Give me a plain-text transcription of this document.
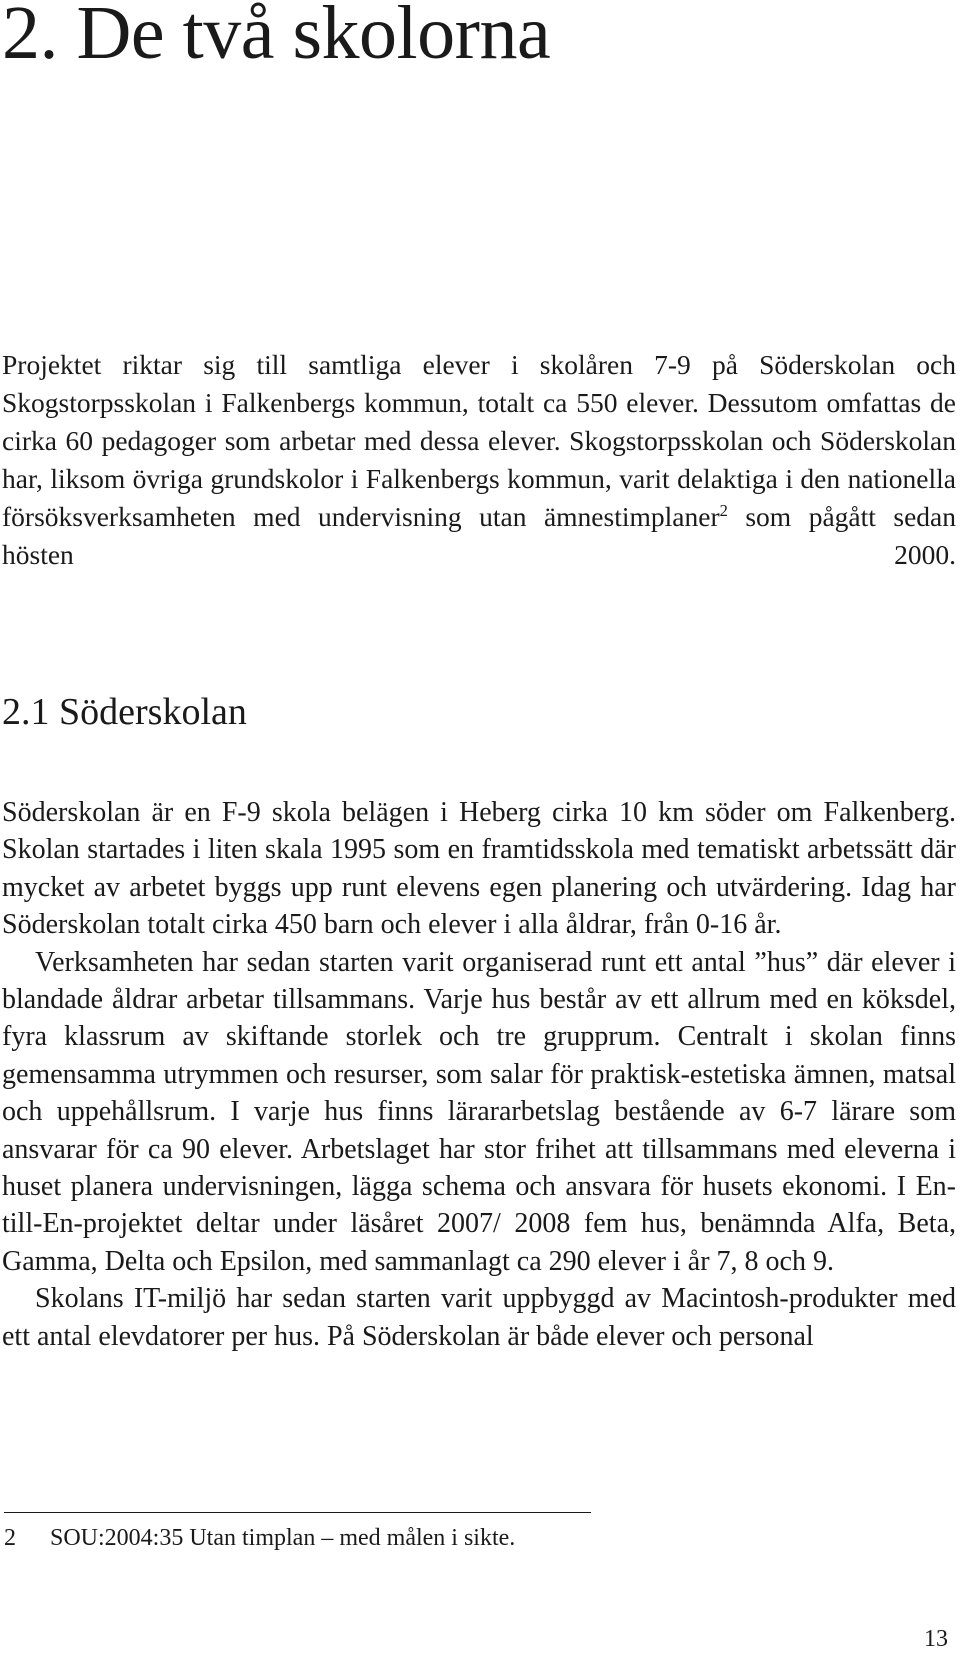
2. De två skolorna

Projektet riktar sig till samtliga elever i skolåren 7-9 på Söderskolan och Skogstorpsskolan i Falkenbergs kommun, totalt ca 550 elever. Dessutom omfattas de cirka 60 pedagoger som arbetar med dessa elever. Skogstorpsskolan och Söderskolan har, liksom övriga grundskolor i Falkenbergs kommun, varit delaktiga i den nationella försöksverksamheten med undervisning utan ämnestimplaner$^2$ som pågått sedan hösten 2000.

2.1 Söderskolan

Söderskolan är en F-9 skola belägen i Heberg cirka 10 km söder om Falkenberg. Skolan startades i liten skala 1995 som en framtidsskola med tematiskt arbetssätt där mycket av arbetet byggs upp runt elevens egen planering och utvärdering. Idag har Söderskolan totalt cirka 450 barn och elever i alla åldrar, från 0-16 år.

Verksamheten har sedan starten varit organiserad runt ett antal ”hus” där elever i blandade åldrar arbetar tillsammans. Varje hus består av ett allrum med en köksdel, fyra klassrum av skiftande storlek och tre grupprum. Centralt i skolan finns gemensamma utrymmen och resurser, som salar för praktisk-estetiska ämnen, matsal och uppehållsrum. I varje hus finns lärararbetslag bestående av 6-7 lärare som ansvarar för ca 90 elever. Arbetslaget har stor frihet att tillsammans med eleverna i huset planera undervisningen, lägga schema och ansvara för husets ekonomi. I En-till-En-projektet deltar under läsåret 2007/ 2008 fem hus, benämnda Alfa, Beta, Gamma, Delta och Epsilon, med sammanlagt ca 290 elever i år 7, 8 och 9.

Skolans IT-miljö har sedan starten varit uppbyggd av Macintosh-produkter med ett antal elevdatorer per hus. På Söderskolan är både elever och personal

2 SOU:2004:35 Utan timplan – med målen i sikte.
13
